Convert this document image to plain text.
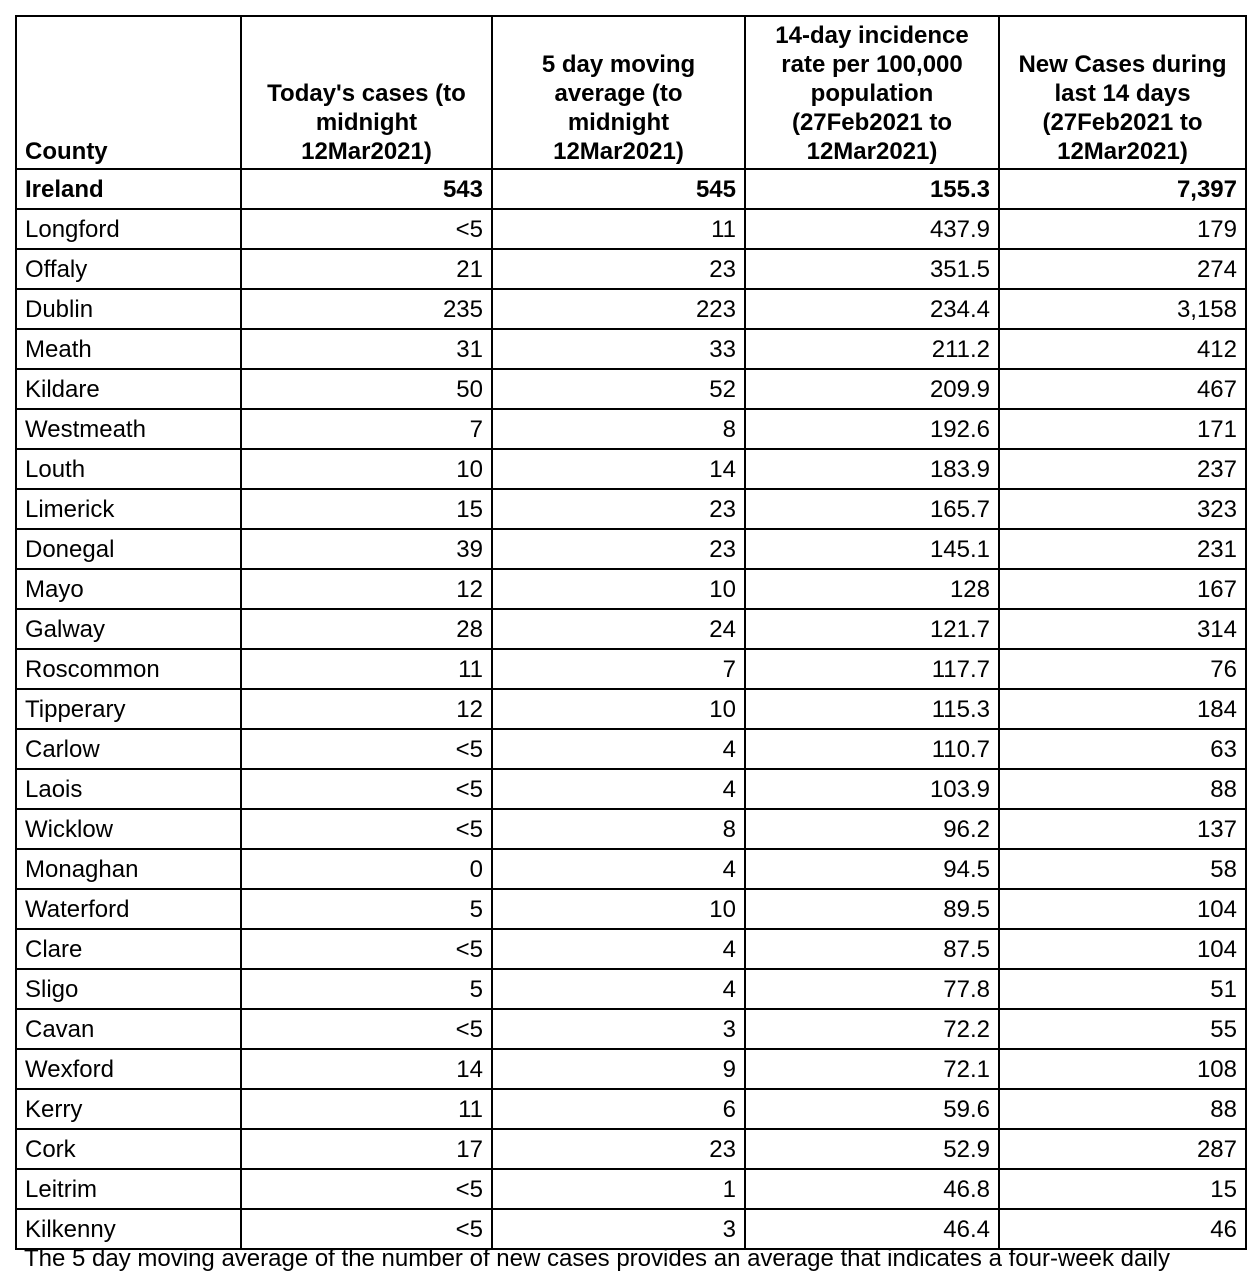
County	Today's cases (to midnight 12Mar2021)	5 day moving average (to midnight 12Mar2021)	14-day incidence rate per 100,000 population (27Feb2021 to 12Mar2021)	New Cases during last 14 days (27Feb2021 to 12Mar2021)
Ireland	543	545	155.3	7,397
Longford	<5	11	437.9	179
Offaly	21	23	351.5	274
Dublin	235	223	234.4	3,158
Meath	31	33	211.2	412
Kildare	50	52	209.9	467
Westmeath	7	8	192.6	171
Louth	10	14	183.9	237
Limerick	15	23	165.7	323
Donegal	39	23	145.1	231
Mayo	12	10	128	167
Galway	28	24	121.7	314
Roscommon	11	7	117.7	76
Tipperary	12	10	115.3	184
Carlow	<5	4	110.7	63
Laois	<5	4	103.9	88
Wicklow	<5	8	96.2	137
Monaghan	0	4	94.5	58
Waterford	5	10	89.5	104
Clare	<5	4	87.5	104
Sligo	5	4	77.8	51
Cavan	<5	3	72.2	55
Wexford	14	9	72.1	108
Kerry	11	6	59.6	88
Cork	17	23	52.9	287
Leitrim	<5	1	46.8	15
Kilkenny	<5	3	46.4	46
The 5 day moving average of the number of new cases provides an average that indicates a four-week daily
